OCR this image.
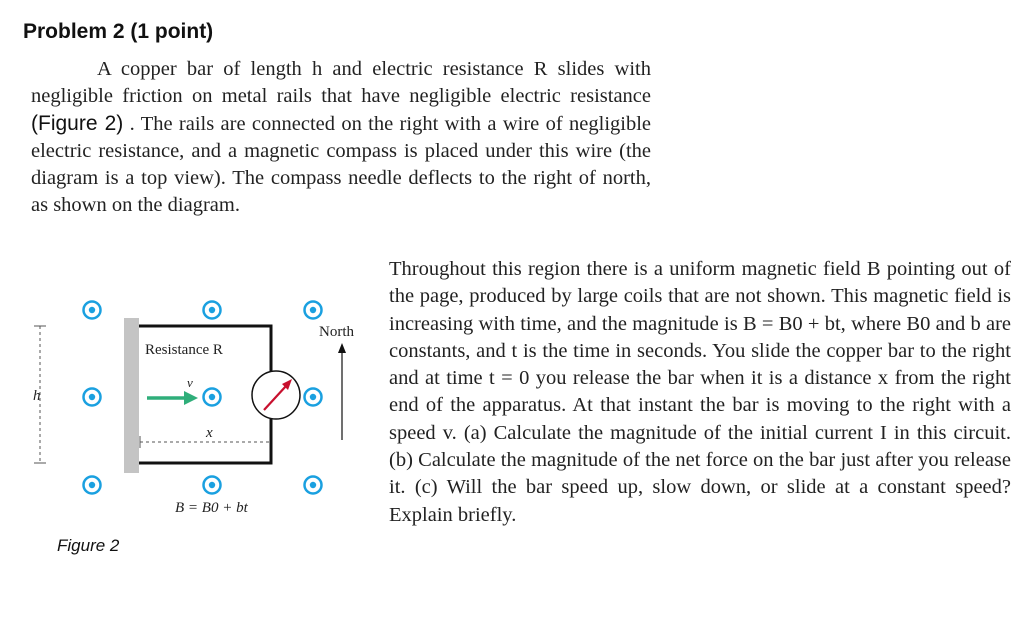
Problem 2 (1 point)
A copper bar of length h and electric resistance R slides with negligible friction on metal rails that have negligible electric resistance (Figure 2) . The rails are connected on the right with a wire of negligible electric resistance, and a magnetic compass is placed under this wire (the diagram is a top view). The compass needle deflects to the right of north, as shown on the diagram.
h
x
Resistance R
v
North
B = B0 + bt
Figure 2
Throughout this region there is a uniform magnetic field B pointing out of the page, produced by large coils that are not shown. This magnetic field is increasing with time, and the magnitude is B = B0 + bt, where B0 and b are constants, and t is the time in seconds. You slide the copper bar to the right and at time t = 0 you release the bar when it is a distance x from the right end of the apparatus. At that instant the bar is moving to the right with a speed v. (a) Calculate the magnitude of the initial current I in this circuit. (b) Calculate the magnitude of the net force on the bar just after you release it. (c) Will the bar speed up, slow down, or slide at a constant speed? Explain briefly.
